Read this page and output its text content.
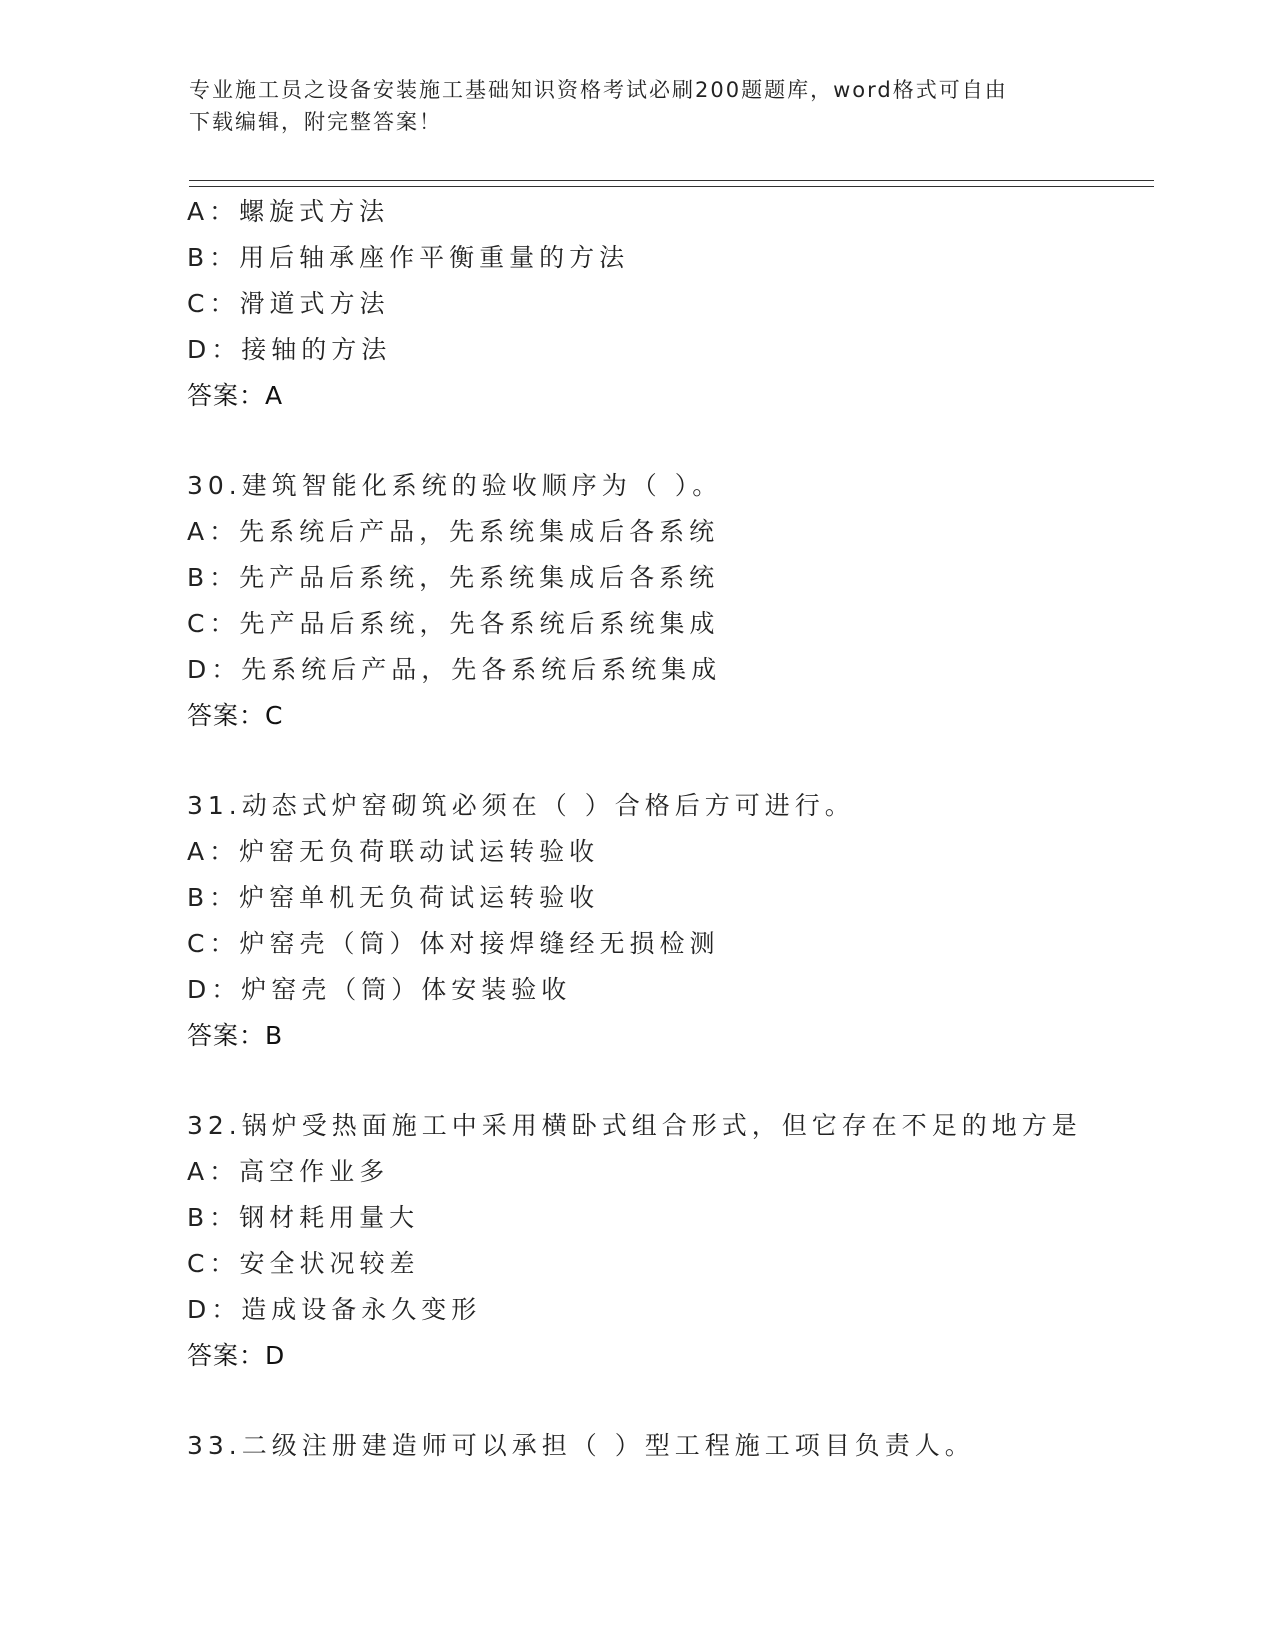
专业施工员之设备安装施工基础知识资格考试必刷200题题库，word格式可自由
下载编辑，附完整答案！
A：螺旋式方法
B：用后轴承座作平衡重量的方法
C：滑道式方法
D：接轴的方法
答案：A
30.建筑智能化系统的验收顺序为（ ）。
A：先系统后产品，先系统集成后各系统
B：先产品后系统，先系统集成后各系统
C：先产品后系统，先各系统后系统集成
D：先系统后产品，先各系统后系统集成
答案：C
31.动态式炉窑砌筑必须在（ ）合格后方可进行。
A：炉窑无负荷联动试运转验收
B：炉窑单机无负荷试运转验收
C：炉窑壳（筒）体对接焊缝经无损检测
D：炉窑壳（筒）体安装验收
答案：B
32.锅炉受热面施工中采用横卧式组合形式，但它存在不足的地方是
A：高空作业多
B：钢材耗用量大
C：安全状况较差
D：造成设备永久变形
答案：D
33.二级注册建造师可以承担（ ）型工程施工项目负责人。
